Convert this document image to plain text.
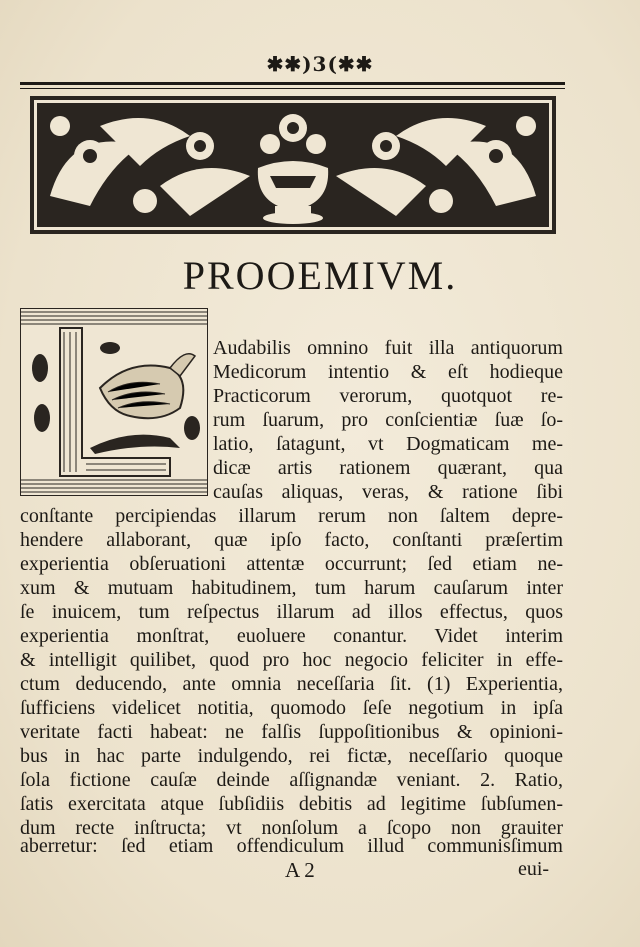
✱✱)3(✱✱
PROOEMIVM.
Audabilis omnino fuit illa antiquorum
Medicorum intentio & eſt hodieque
Practicorum verorum, quotquot re-
rum ſuarum, pro conſcientiæ ſuæ ſo-
latio, ſatagunt, vt Dogmaticam me-
dicæ artis rationem quærant, qua
cauſas aliquas, veras, & ratione ſibi
conſtante percipiendas illarum rerum non ſaltem depre-
hendere allaborant, quæ ipſo facto, conſtanti præſertim
experientia obſeruationi attentæ occurrunt; ſed etiam ne-
xum & mutuam habitudinem, tum harum cauſarum inter
ſe inuicem, tum reſpectus illarum ad illos effectus, quos
experientia monſtrat, euoluere conantur. Videt interim
& intelligit quilibet, quod pro hoc negocio feliciter in effe-
ctum deducendo, ante omnia neceſſaria ſit. (1) Experientia,
ſufficiens videlicet notitia, quomodo ſeſe negotium in ipſa
veritate facti habeat: ne falſis ſuppoſitionibus & opinioni-
bus in hac parte indulgendo, rei fictæ, neceſſario quoque
ſola fictione cauſæ deinde aſſignandæ veniant. 2. Ratio,
ſatis exercitata atque ſubſidiis debitis ad legitime ſubſumen-
dum recte inſtructa; vt nonſolum a ſcopo non grauiter
aberretur: ſed etiam offendiculum illud communisſimum
A 2	eui-
